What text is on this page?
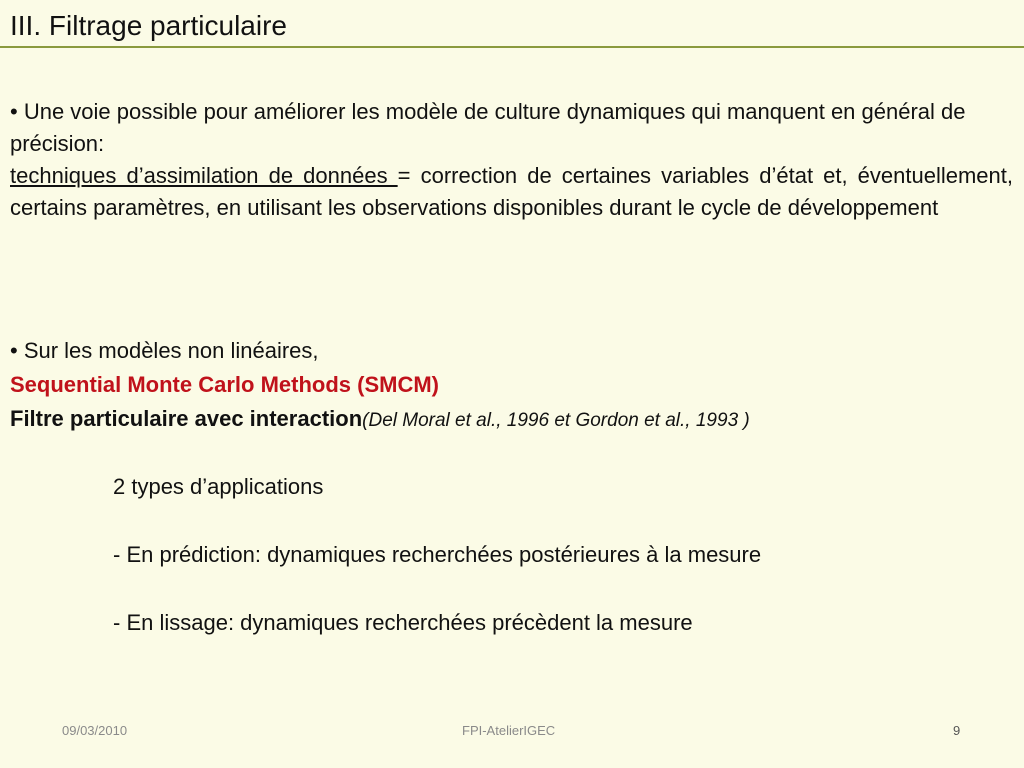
III. Filtrage particulaire

• Une voie possible pour améliorer les modèle de culture dynamiques qui manquent en général de précision:

techniques d’assimilation de données = correction de certaines variables d’état et, éventuellement, certains paramètres, en utilisant les observations disponibles durant le cycle de développement

• Sur les modèles non linéaires,

Sequential Monte Carlo Methods (SMCM)

Filtre particulaire avec interaction(Del Moral et al., 1996 et Gordon et al., 1993 )

2 types d’applications

- En prédiction: dynamiques recherchées postérieures à la mesure

- En lissage: dynamiques recherchées précèdent la mesure

09/03/2010	FPI-AtelierIGEC	9
